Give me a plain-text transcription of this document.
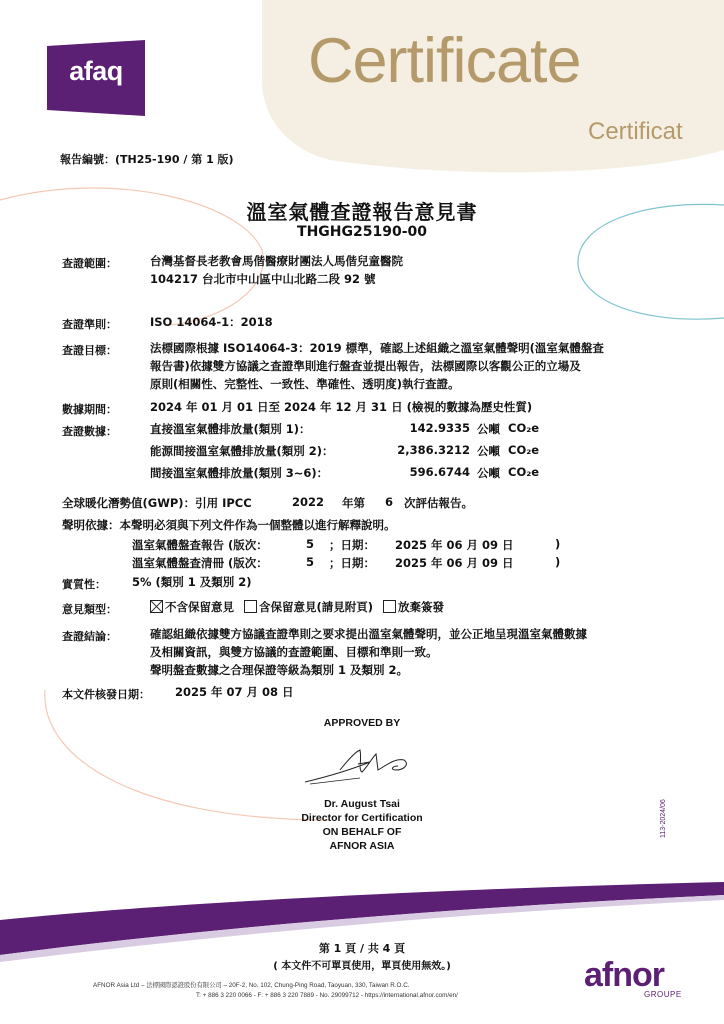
afaq	Certificate
Certificat
報告編號：(TH25-190 / 第 1 版)
溫室氣體查證報告意見書
THGHG25190-00
查證範圍：	台灣基督長老教會馬偕醫療財團法人馬偕兒童醫院
104217 台北市中山區中山北路二段 92 號
查證準則：	ISO 14064-1：2018
查證目標：	法標國際根據 ISO14064-3：2019 標準，確認上述組織之溫室氣體聲明(溫室氣體盤查
報告書)依據雙方協議之查證準則進行盤查並提出報告，法標國際以客觀公正的立場及
原則(相關性、完整性、一致性、準確性、透明度)執行查證。
數據期間：	2024 年 01 月 01 日至 2024 年 12 月 31 日 (檢視的數據為歷史性質)
查證數據：	直接溫室氣體排放量(類別 1)：	142.9335 公噸 CO₂e
能源間接溫室氣體排放量(類別 2)：	2,386.3212 公噸 CO₂e
間接溫室氣體排放量(類別 3~6)：	596.6744 公噸 CO₂e
全球暖化潛勢值(GWP)：引用 IPCC	2022 年第 6 次評估報告。
聲明依據：本聲明必須與下列文件作為一個整體以進行解釋說明。
溫室氣體盤查報告 (版次：	5 ；日期： 2025 年 06 月 09 日	)
溫室氣體盤查清冊 (版次：	5 ；日期： 2025 年 06 月 09 日	)
實質性： 5% (類別 1 及類別 2)
意見類型：	不含保留意見 含保留意見(請見附頁) 放棄簽發
查證結論：	確認組織依據雙方協議查證準則之要求提出溫室氣體聲明，並公正地呈現溫室氣體數據
及相關資訊，與雙方協議的查證範圍、目標和準則一致。
聲明盤查數據之合理保證等級為類別 1 及類別 2。
本文件核發日期： 2025 年 07 月 08 日
APPROVED BY
Dr. August Tsai
Director for Certification
ON BEHALF OF
AFNOR ASIA
113-2024/06
第 1 頁 / 共 4 頁
( 本文件不可單頁使用，單頁使用無效。)
AFNOR Asia Ltd – 法標國際認證股份有限公司 – 20F-2, No. 102, Chung-Ping Road, Taoyuan, 330, Taiwan R.O.C.
T: + 886 3 220 0066 - F: + 886 3 220 7889 - No. 29099712 - https://international.afnor.com/en/
afnor
GROUPE
